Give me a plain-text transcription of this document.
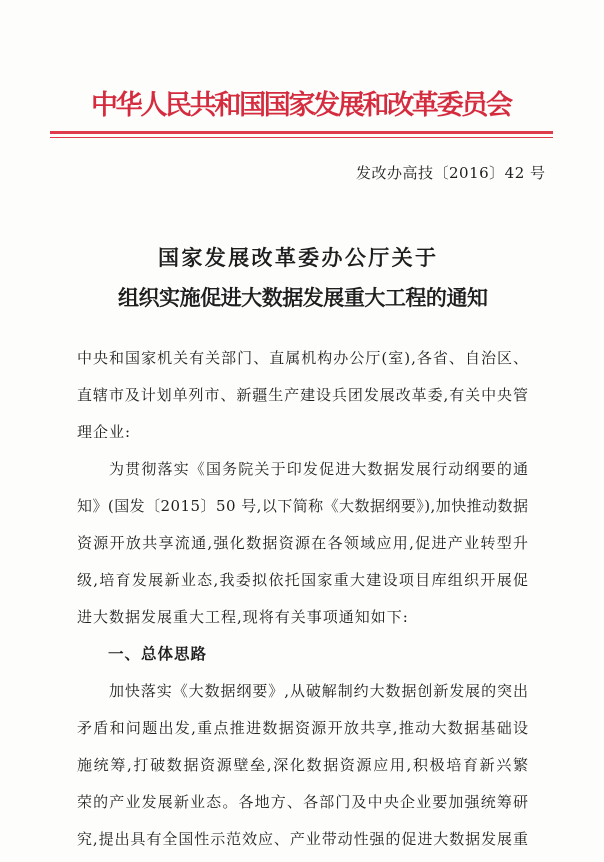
中华人民共和国国家发展和改革委员会
发改办高技〔2016〕42 号
国家发展改革委办公厅关于
组织实施促进大数据发展重大工程的通知
中央和国家机关有关部门、直属机构办公厅(室),各省、自治区、
直辖市及计划单列市、新疆生产建设兵团发展改革委,有关中央管
理企业:
为贯彻落实《国务院关于印发促进大数据发展行动纲要的通
知》(国发〔2015〕50 号,以下简称《大数据纲要》),加快推动数据
资源开放共享流通,强化数据资源在各领域应用,促进产业转型升
级,培育发展新业态,我委拟依托国家重大建设项目库组织开展促
进大数据发展重大工程,现将有关事项通知如下:
一、总体思路
加快落实《大数据纲要》,从破解制约大数据创新发展的突出
矛盾和问题出发,重点推进数据资源开放共享,推动大数据基础设
施统筹,打破数据资源壁垒,深化数据资源应用,积极培育新兴繁
荣的产业发展新业态。各地方、各部门及中央企业要加强统筹研
究,提出具有全国性示范效应、产业带动性强的促进大数据发展重
